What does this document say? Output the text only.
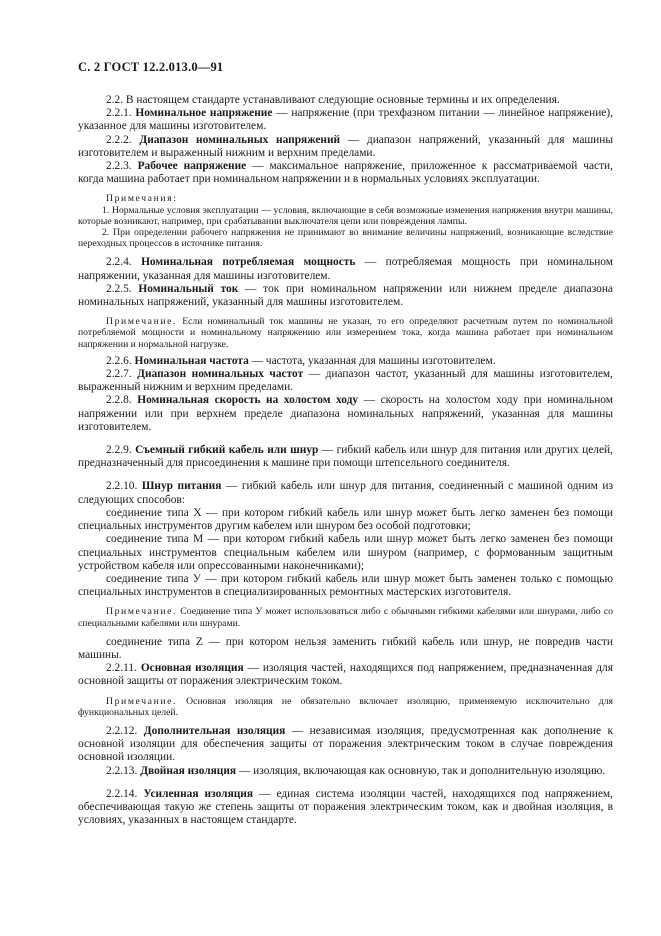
С. 2 ГОСТ 12.2.013.0—91

2.2. В настоящем стандарте устанавливают следующие основные термины и их определения.

2.2.1. Номинальное напряжение — напряжение (при трехфазном питании — линейное напряжение), указанное для машины изготовителем.

2.2.2. Диапазон номинальных напряжений — диапазон напряжений, указанный для машины изготовителем и выраженный нижним и верхним пределами.

2.2.3. Рабочее напряжение — максимальное напряжение, приложенное к рассматриваемой части, когда машина работает при номинальном напряжении и в нормальных условиях эксплуатации.

Примечания:

1. Нормальные условия эксплуатации — условия, включающие в себя возможные изменения напряжения внутри машины, которые возникают, например, при срабатывании выключателя цепи или повреждения лампы.

2. При определении рабочего напряжения не принимают во внимание величины напряжений, возникающие вследствие переходных процессов в источнике питания.

2.2.4. Номинальная потребляемая мощность — потребляемая мощность при номинальном напряжении, указанная для машины изготовителем.

2.2.5. Номинальный ток — ток при номинальном напряжении или нижнем пределе диапазона номинальных напряжений, указанный для машины изготовителем.

Примечание. Если номинальный ток машины не указан, то его определяют расчетным путем по номинальной потребляемой мощности и номинальному напряжению или измерением тока, когда машина работает при номинальном напряжении и нормальной нагрузке.

2.2.6. Номинальная частота — частота, указанная для машины изготовителем.

2.2.7. Диапазон номинальных частот — диапазон частот, указанный для машины изготовителем, выраженный нижним и верхним пределами.

2.2.8. Номинальная скорость на холостом ходу — скорость на холостом ходу при номинальном напряжении или при верхнем пределе диапазона номинальных напряжений, указанная для машины изготовителем.

2.2.9. Съемный гибкий кабель или шнур — гибкий кабель или шнур для питания или других целей, предназначенный для присоединения к машине при помощи штепсельного соединителя.

2.2.10. Шнур питания — гибкий кабель или шнур для питания, соединенный с машиной одним из следующих способов:

соединение типа X — при котором гибкий кабель или шнур может быть легко заменен без помощи специальных инструментов другим кабелем или шнуром без особой подготовки;

соединение типа M — при котором гибкий кабель или шнур может быть легко заменен без помощи специальных инструментов специальным кабелем или шнуром (например, с формованным защитным устройством кабеля или опрессованными наконечниками);

соединение типа У — при котором гибкий кабель или шнур может быть заменен только с помощью специальных инструментов в специализированных ремонтных мастерских изготовителя.

Примечание. Соединение типа У может использоваться либо с обычными гибкими кабелями или шнурами, либо со специальными кабелями или шнурами.

соединение типа Z — при котором нельзя заменить гибкий кабель или шнур, не повредив части машины.

2.2.11. Основная изоляция — изоляция частей, находящихся под напряжением, предназначенная для основной защиты от поражения электрическим током.

Примечание. Основная изоляция не обязательно включает изоляцию, применяемую исключительно для функциональных целей.

2.2.12. Дополнительная изоляция — независимая изоляция, предусмотренная как дополнение к основной изоляции для обеспечения защиты от поражения электрическим током в случае повреждения основной изоляции.

2.2.13. Двойная изоляция — изоляция, включающая как основную, так и дополнительную изоляцию.

2.2.14. Усиленная изоляция — единая система изоляции частей, находящихся под напряжением, обеспечивающая такую же степень защиты от поражения электрическим током, как и двойная изоляция, в условиях, указанных в настоящем стандарте.
